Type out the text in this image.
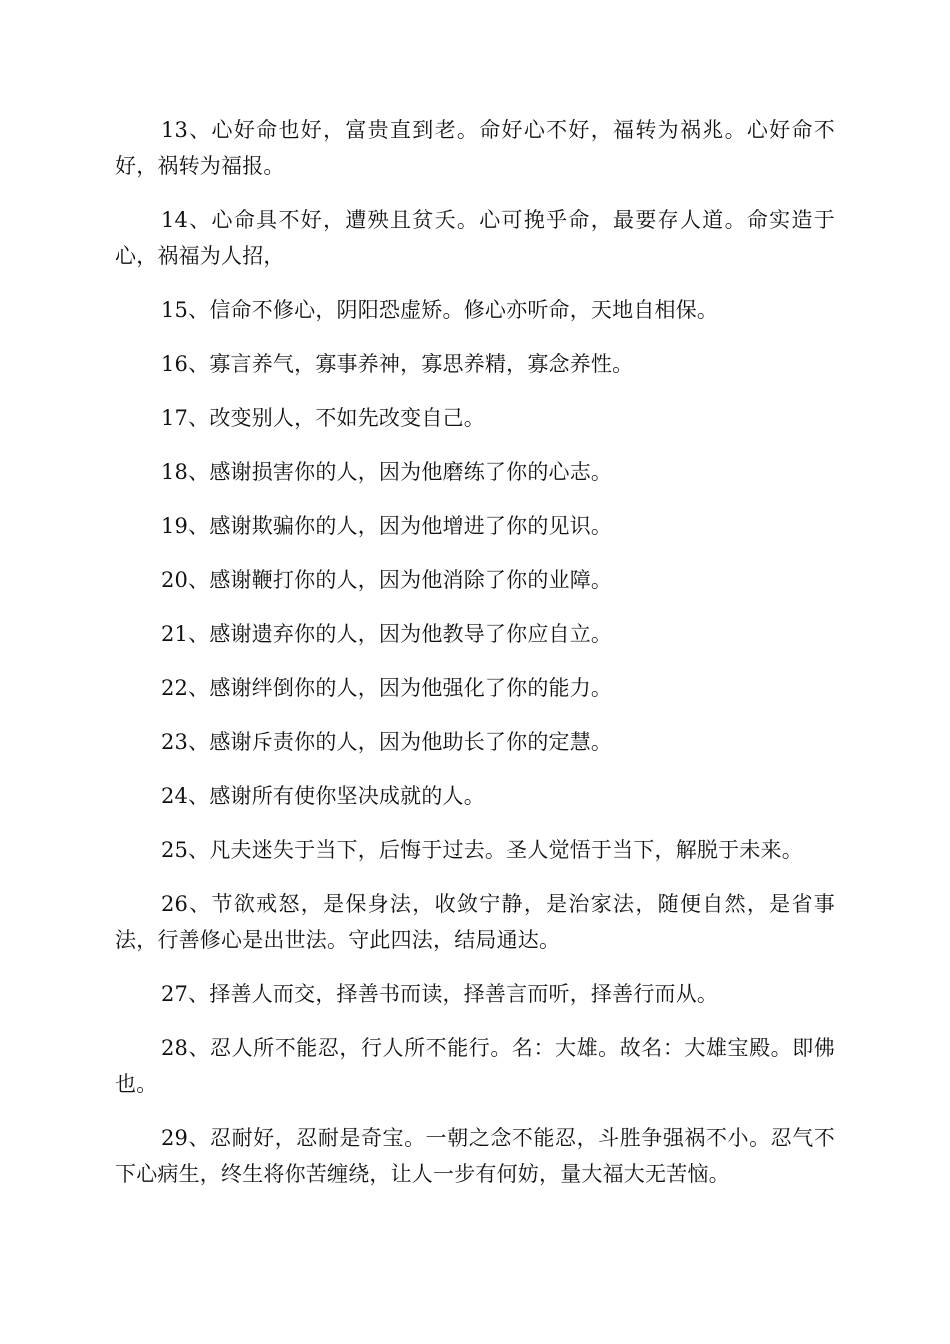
13、心好命也好，富贵直到老。命好心不好，福转为祸兆。心好命不好，祸转为福报。

14、心命具不好，遭殃且贫夭。心可挽乎命，最要存人道。命实造于心，祸福为人招，

15、信命不修心，阴阳恐虚矫。修心亦听命，天地自相保。

16、寡言养气，寡事养神，寡思养精，寡念养性。

17、改变别人，不如先改变自己。

18、感谢损害你的人，因为他磨练了你的心志。

19、感谢欺骗你的人，因为他增进了你的见识。

20、感谢鞭打你的人，因为他消除了你的业障。

21、感谢遗弃你的人，因为他教导了你应自立。

22、感谢绊倒你的人，因为他强化了你的能力。

23、感谢斥责你的人，因为他助长了你的定慧。

24、感谢所有使你坚决成就的人。

25、凡夫迷失于当下，后悔于过去。圣人觉悟于当下，解脱于未来。

26、节欲戒怒，是保身法，收敛宁静，是治家法，随便自然，是省事法，行善修心是出世法。守此四法，结局通达。

27、择善人而交，择善书而读，择善言而听，择善行而从。

28、忍人所不能忍，行人所不能行。名：大雄。故名：大雄宝殿。即佛也。

29、忍耐好，忍耐是奇宝。一朝之念不能忍，斗胜争强祸不小。忍气不下心病生，终生将你苦缠绕，让人一步有何妨，量大福大无苦恼。
